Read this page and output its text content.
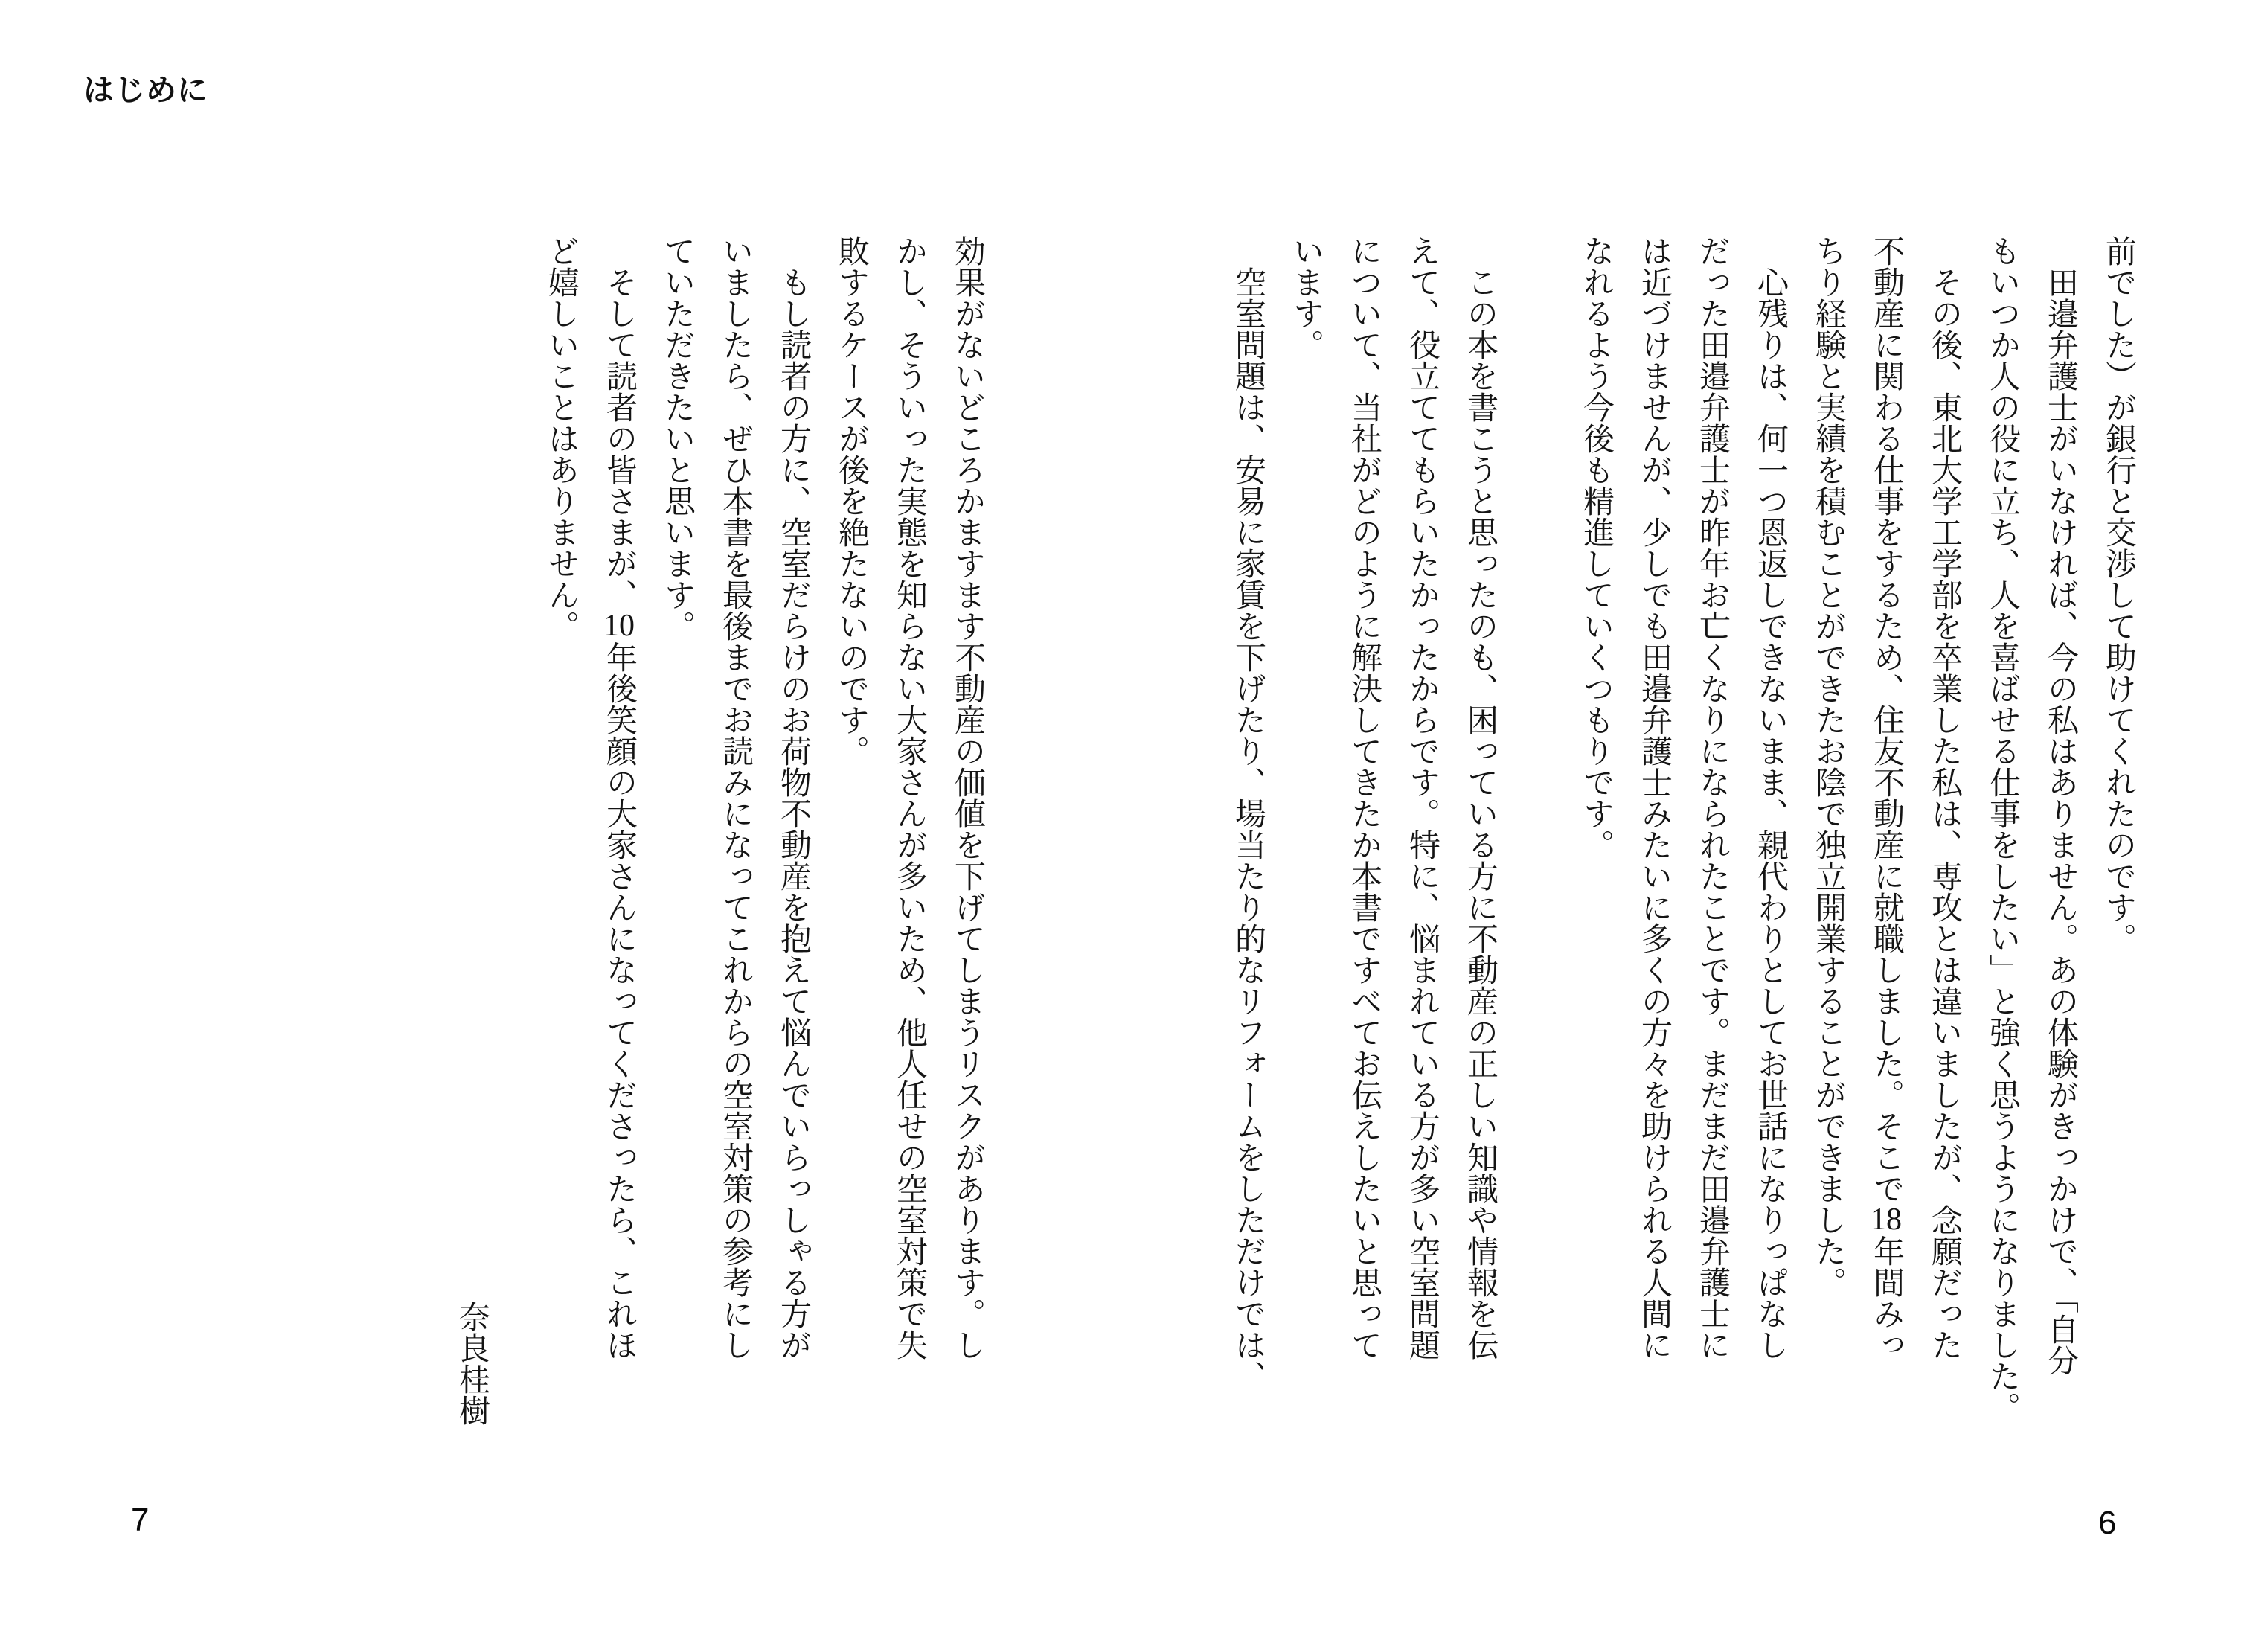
はじめに

前でした）が銀行と交渉して助けてくれたのです。

　田邉弁護士がいなければ、今の私はありません。あの体験がきっかけで、「自分

もいつか人の役に立ち、人を喜ばせる仕事をしたい」と強く思うようになりました。

　その後、東北大学工学部を卒業した私は、専攻とは違いましたが、念願だった

不動産に関わる仕事をするため、住友不動産に就職しました。そこで18年間みっ

ちり経験と実績を積むことができたお陰で独立開業することができました。

　心残りは、何一つ恩返しできないまま、親代わりとしてお世話になりっぱなし

だった田邉弁護士が昨年お亡くなりになられたことです。まだまだ田邉弁護士に

は近づけませんが、少しでも田邉弁護士みたいに多くの方々を助けられる人間に

なれるよう今後も精進していくつもりです。

　この本を書こうと思ったのも、困っている方に不動産の正しい知識や情報を伝

えて、役立ててもらいたかったからです。特に、悩まれている方が多い空室問題

について、当社がどのように解決してきたか本書ですべてお伝えしたいと思って

います。

　空室問題は、安易に家賃を下げたり、場当たり的なリフォームをしただけでは、

効果がないどころかますます不動産の価値を下げてしまうリスクがあります。し

かし、そういった実態を知らない大家さんが多いため、他人任せの空室対策で失

敗するケースが後を絶たないのです。

　もし読者の方に、空室だらけのお荷物不動産を抱えて悩んでいらっしゃる方が

いましたら、ぜひ本書を最後までお読みになってこれからの空室対策の参考にし

ていただきたいと思います。

　そして読者の皆さまが、10年後笑顔の大家さんになってくださったら、これほ

ど嬉しいことはありません。

奈良桂樹

7	6
